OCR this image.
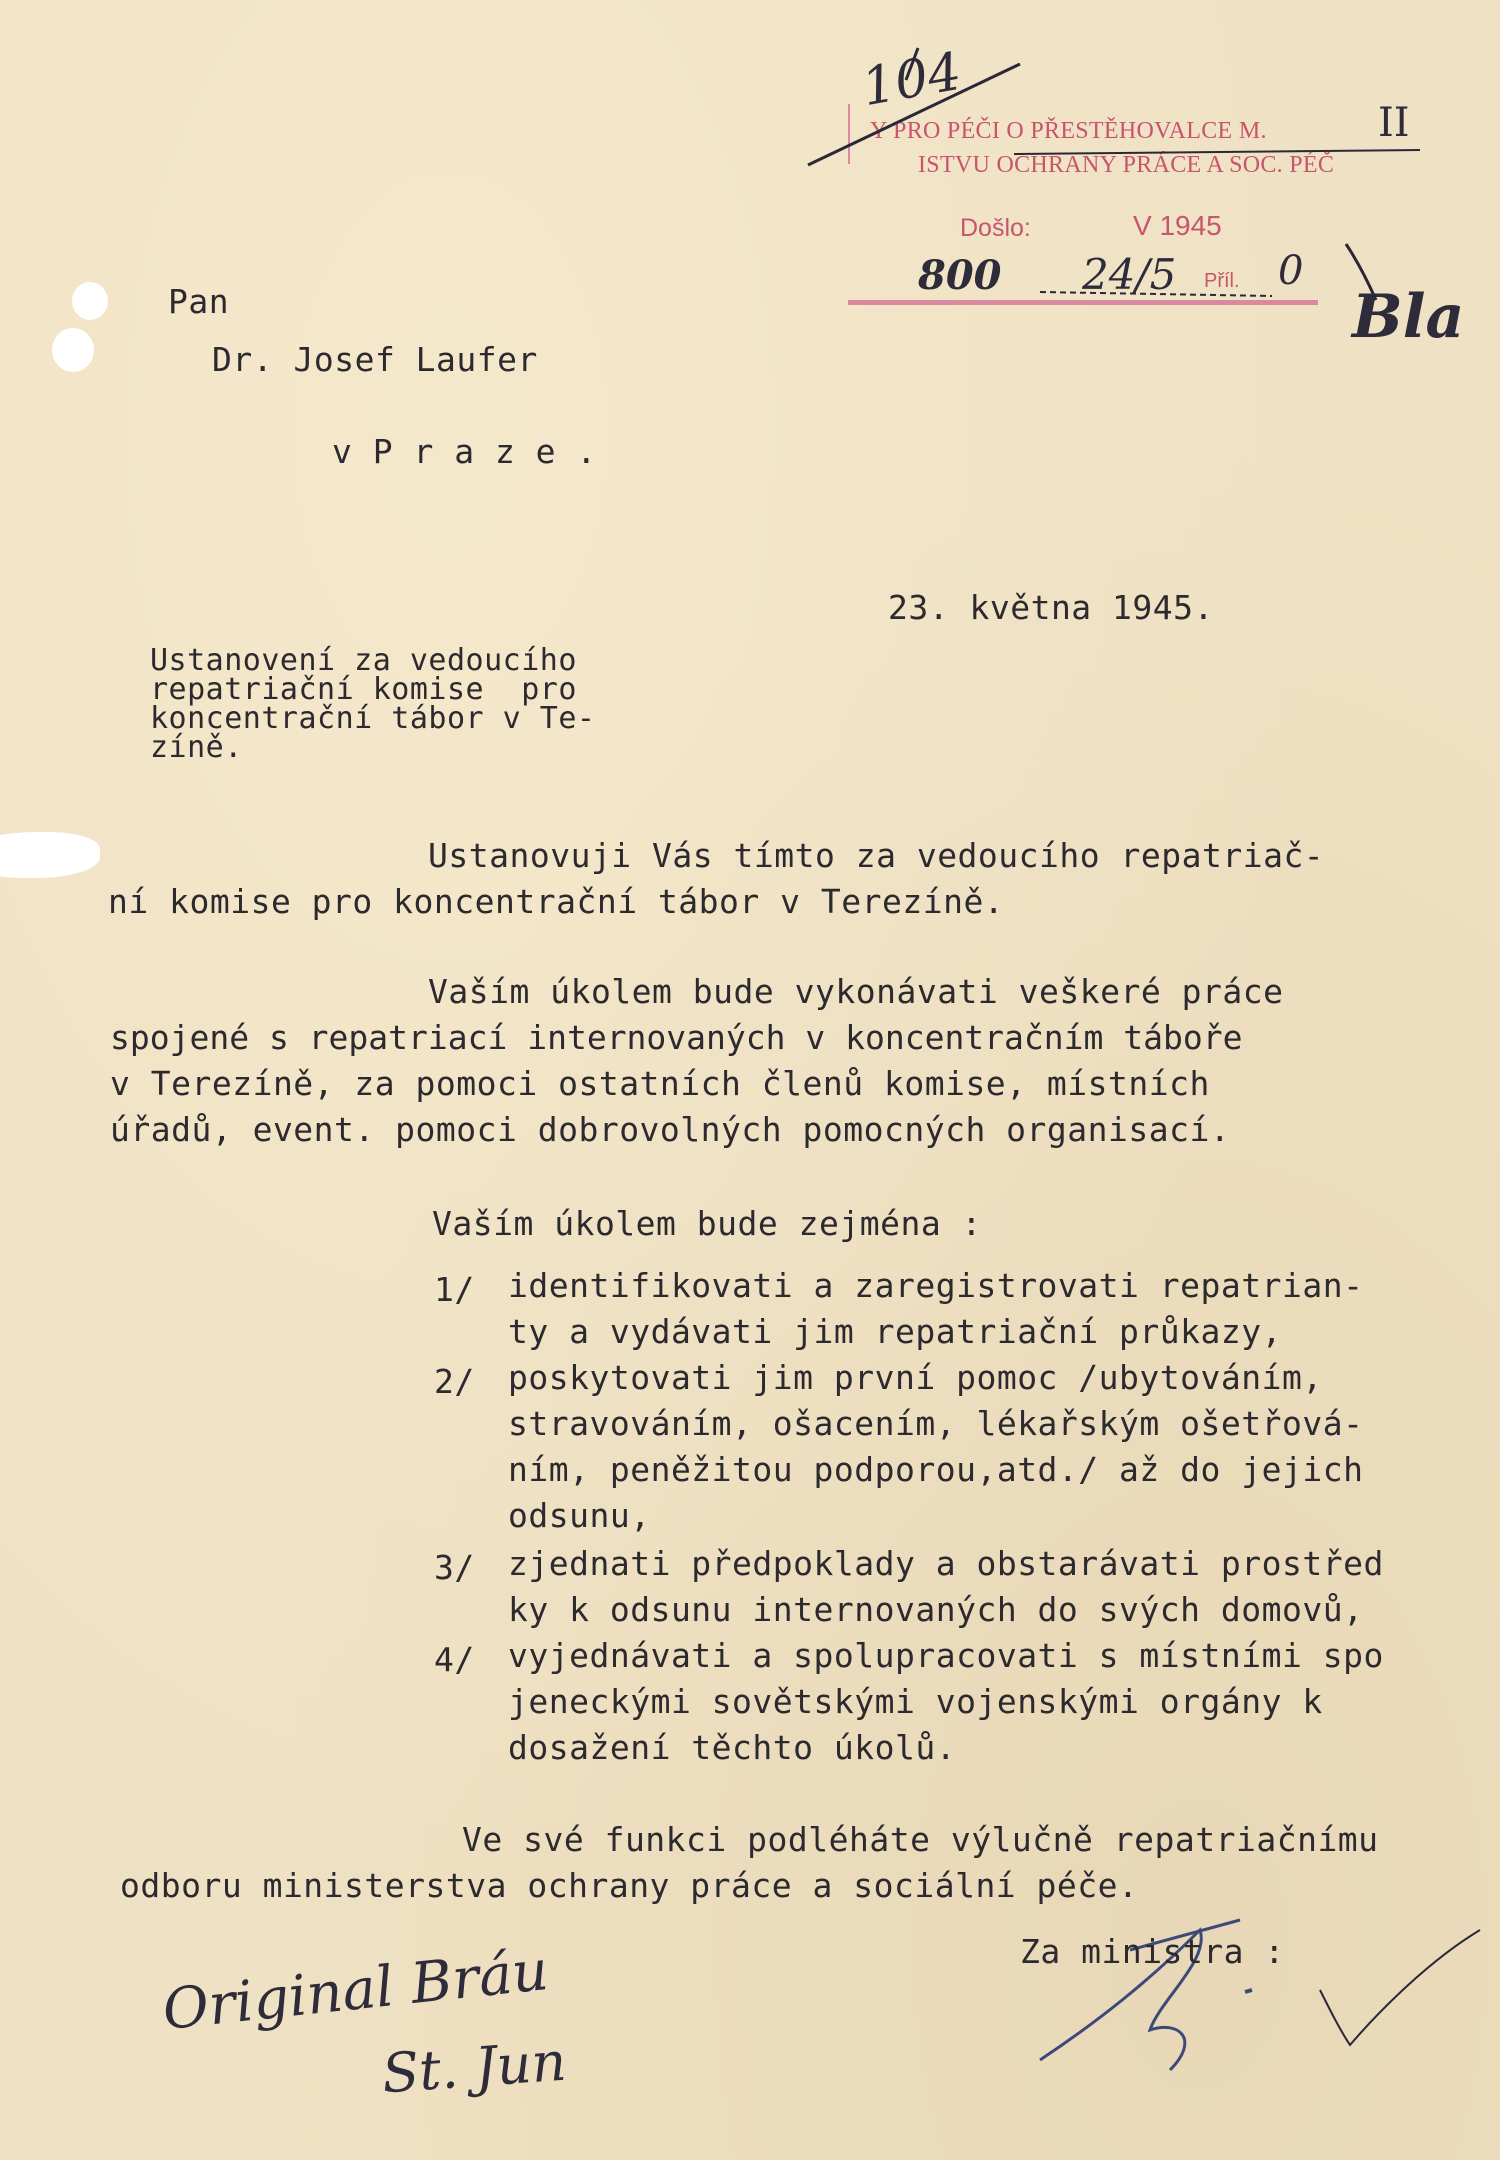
Y PRO PÉČI O PŘESTĚHOVALCE M.
ISTVU OCHRANY PRÁCE A SOC. PÉČ
Došlo:	V 1945
Příl.
104
II
800 24/5	0
Bla
Original Bráu
St. Jun
Pan
Dr. Josef Laufer
v P r a z e .
23. května 1945.
Ustanovení za vedoucího
repatriační komise  pro
koncentrační tábor v Te-
zíně.
Ustanovuji Vás tímto za vedoucího repatriač-
ní komise pro koncentrační tábor v Terezíně.
Vaším úkolem bude vykonávati veškeré práce
spojené s repatriací internovaných v koncentračním táboře
v Terezíně, za pomoci ostatních členů komise, místních
úřadů, event. pomoci dobrovolných pomocných organisací.
Vaším úkolem bude zejména :
1/ identifikovati a zaregistrovati repatrian-
ty a vydávati jim repatriační průkazy,
2/ poskytovati jim první pomoc /ubytováním,
stravováním, ošacením, lékařským ošetřová-
ním, peněžitou podporou,atd./ až do jejich
odsunu,
3/ zjednati předpoklady a obstarávati prostřed
ky k odsunu internovaných do svých domovů,
4/ vyjednávati a spolupracovati s místními spo
jeneckými sovětskými vojenskými orgány k
dosažení těchto úkolů.
Ve své funkci podléháte výlučně repatriačnímu
odboru ministerstva ochrany práce a sociální péče.
Za ministra :
